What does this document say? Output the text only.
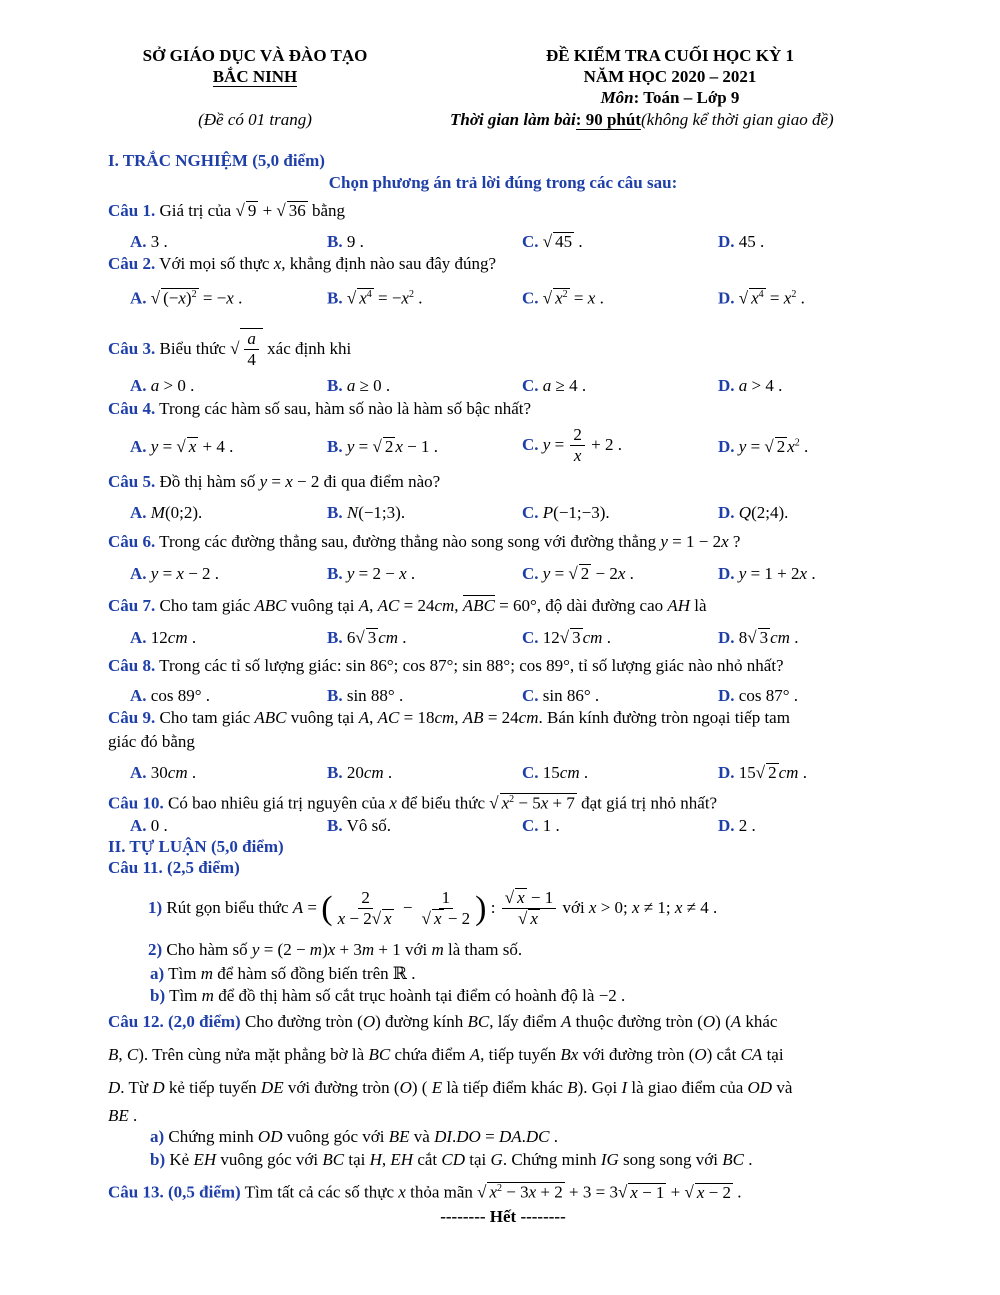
SỞ GIÁO DỤC VÀ ĐÀO TẠO
BẮC NINH
(Đề có 01 trang)
ĐỀ KIỂM TRA CUỐI HỌC KỲ 1
NĂM HỌC 2020 – 2021
Môn: Toán – Lớp 9
Thời gian làm bài: 90 phút(không kể thời gian giao đề)
I. TRẮC NGHIỆM (5,0 điểm)
Chọn phương án trả lời đúng trong các câu sau:
Câu 1. Giá trị của √ 9 + √ 36 bằng
A. 3 .	B. 9 .	C. √ 45 .	D. 45 .
Câu 2. Với mọi số thực x, khẳng định nào sau đây đúng?
A. √ $(-x)^2 = -x$ .	B. √ $x^4 = -x^2$ .	C. √ $x^2 = x$ .	D. √ $x^4 = x^2$ .
Câu 3. Biểu thức √ $\frac{a}{4}$ xác định khi
A. a > 0 .	B. a ≥ 0 .	C. a ≥ 4 .	D. a > 4 .
Câu 4. Trong các hàm số sau, hàm số nào là hàm số bậc nhất?
A. y = √ x + 4 .	B. y = √ 2 x − 1 .	C. $y = \frac{2}{x} + 2$ .	D. y = √ 2 $x^2$ .
Câu 5. Đồ thị hàm số y = x − 2 đi qua điểm nào?
A. M(0;2).	B. N(−1;3).	C. P(−1;−3).	D. Q(2;4).
Câu 6. Trong các đường thẳng sau, đường thẳng nào song song với đường thẳng y = 1 − 2x ?
A. y = x − 2 .	B. y = 2 − x .	C. y = √ 2 − 2x .	D. y = 1 + 2x .
Câu 7. Cho tam giác ABC vuông tại A, AC = 24cm, ABC = 60°, độ dài đường cao AH là
A. 12cm .	B. 6√ 3 cm .	C. 12√ 3 cm .	D. 8√ 3 cm .
Câu 8. Trong các tỉ số lượng giác: sin 86°; cos 87°; sin 88°; cos 89°, tỉ số lượng giác nào nhỏ nhất?
A. cos 89° .	B. sin 88° .	C. sin 86° .	D. cos 87° .
Câu 9. Cho tam giác ABC vuông tại A, AC = 18cm, AB = 24cm. Bán kính đường tròn ngoại tiếp tam
giác đó bằng
A. 30cm .	B. 20cm .	C. 15cm .	D. 15√ 2 cm .
Câu 10. Có bao nhiêu giá trị nguyên của x để biểu thức √ $x^2 - 5x + 7$ đạt giá trị nhỏ nhất?
A. 0 .	B. Vô số.	C. 1 .	D. 2 .
II. TỰ LUẬN (5,0 điểm)
Câu 11. (2,5 điểm)
1) Rút gọn biểu thức A = ( $\frac{2}{x - 2√ x} - \frac{1}{√ x - 2}$ ) : $\frac{√ x - 1}{√ x}$ với x > 0; x ≠ 1; x ≠ 4 .
2) Cho hàm số y = (2 − m)x + 3m + 1 với m là tham số.
a) Tìm m để hàm số đồng biến trên ℝ .
b) Tìm m để đồ thị hàm số cắt trục hoành tại điểm có hoành độ là −2 .
Câu 12. (2,0 điểm) Cho đường tròn (O) đường kính BC, lấy điểm A thuộc đường tròn (O) (A khác
B, C). Trên cùng nửa mặt phẳng bờ là BC chứa điểm A, tiếp tuyến Bx với đường tròn (O) cắt CA tại
D. Từ D kẻ tiếp tuyến DE với đường tròn (O) ( E là tiếp điểm khác B). Gọi I là giao điểm của OD và
BE .
a) Chứng minh OD vuông góc với BE và DI.DO = DA.DC .
b) Kẻ EH vuông góc với BC tại H, EH cắt CD tại G. Chứng minh IG song song với BC .
Câu 13. (0,5 điểm) Tìm tất cả các số thực x thỏa mãn √ $x^2 - 3x + 2 + 3 = 3√$ x − 1 + √ x − 2 .
-------- Hết --------
